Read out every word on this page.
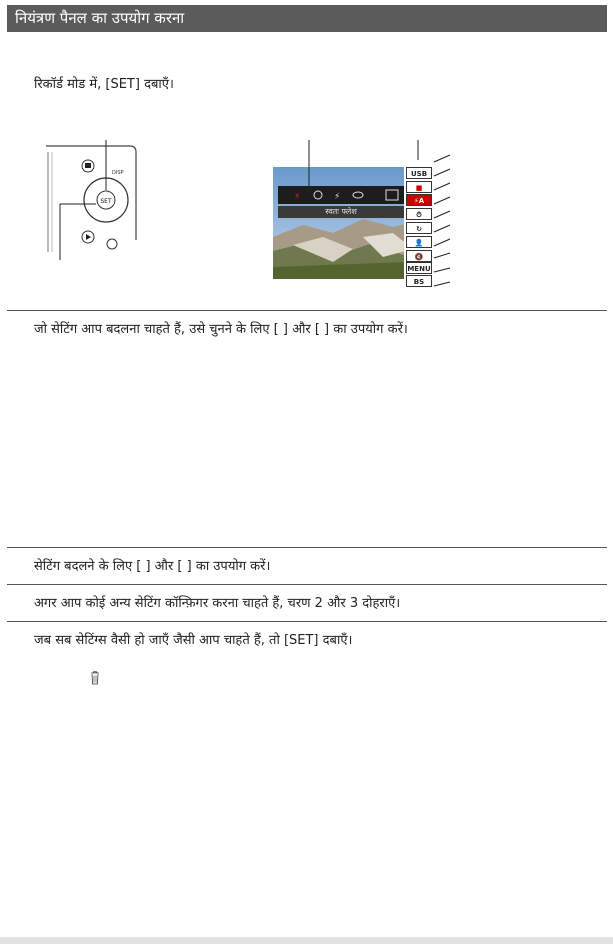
नियंत्रण पैनल का उपयोग करना
रिकॉर्ड मोड में, [SET] दबाएँ।
SET
DISP
⚡	⚡
स्वतः फ्लेश
USB
■
⚡A
⏱
↻
👤
🔇
MENU
BS
जो सेटिंग आप बदलना चाहते हैं, उसे चुनने के लिए [ ] और [ ] का उपयोग करें।
सेटिंग बदलने के लिए [ ] और [ ] का उपयोग करें।
अगर आप कोई अन्य सेटिंग कॉन्फ़िगर करना चाहते हैं, चरण 2 और 3 दोहराएँ।
जब सब सेटिंग्स वैसी हो जाएँ जैसी आप चाहते हैं, तो [SET] दबाएँ।
